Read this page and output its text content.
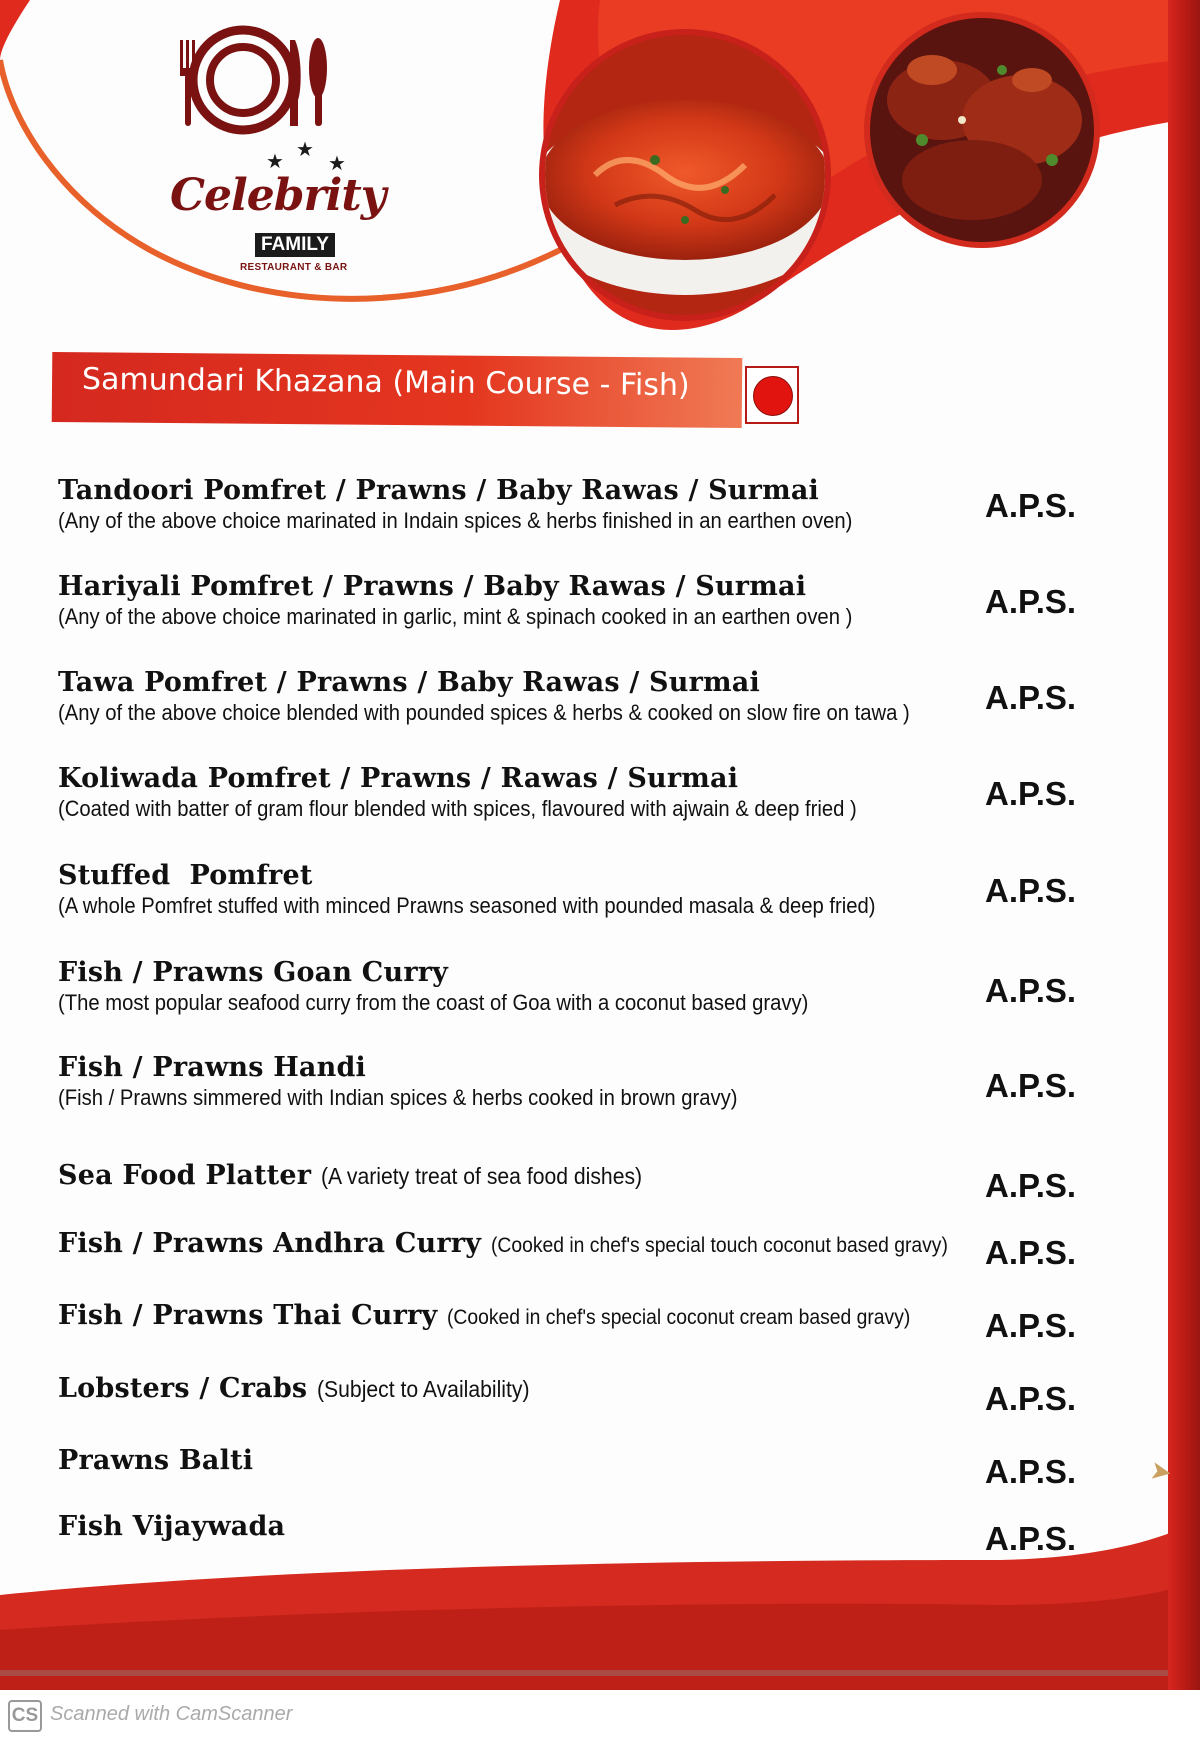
★ ★
★
Celebrity
FAMILY
RESTAURANT & BAR
Samundari Khazana (Main Course - Fish)
Tandoori Pomfret / Prawns / Baby Rawas / Surmai
(Any of the above choice marinated in Indain spices & herbs finished in an earthen oven)	A.P.S.
Hariyali Pomfret / Prawns / Baby Rawas / Surmai
(Any of the above choice marinated in garlic, mint & spinach cooked in an earthen oven )	A.P.S.
Tawa Pomfret / Prawns / Baby Rawas / Surmai
(Any of the above choice blended with pounded spices & herbs & cooked on slow fire on tawa ) A.P.S.
Koliwada Pomfret / Prawns / Rawas / Surmai
(Coated with batter of gram flour blended with spices, flavoured with ajwain & deep fried )	A.P.S.
Stuffed  Pomfret
(A whole Pomfret stuffed with minced Prawns seasoned with pounded masala & deep fried)	A.P.S.
Fish / Prawns Goan Curry
(The most popular seafood curry from the coast of Goa with a coconut based gravy)	A.P.S.
Fish / Prawns Handi
(Fish / Prawns simmered with Indian spices & herbs cooked in brown gravy)	A.P.S.
Sea Food Platter (A variety treat of sea food dishes)	A.P.S.
Fish / Prawns Andhra Curry (Cooked in chef's special touch coconut based gravy) A.P.S.
Fish / Prawns Thai Curry (Cooked in chef's special coconut cream based gravy) A.P.S.
Lobsters / Crabs (Subject to Availability)	A.P.S.
Prawns Balti	A.P.S.
Fish Vijaywada	A.P.S.
➤
CS Scanned with CamScanner
